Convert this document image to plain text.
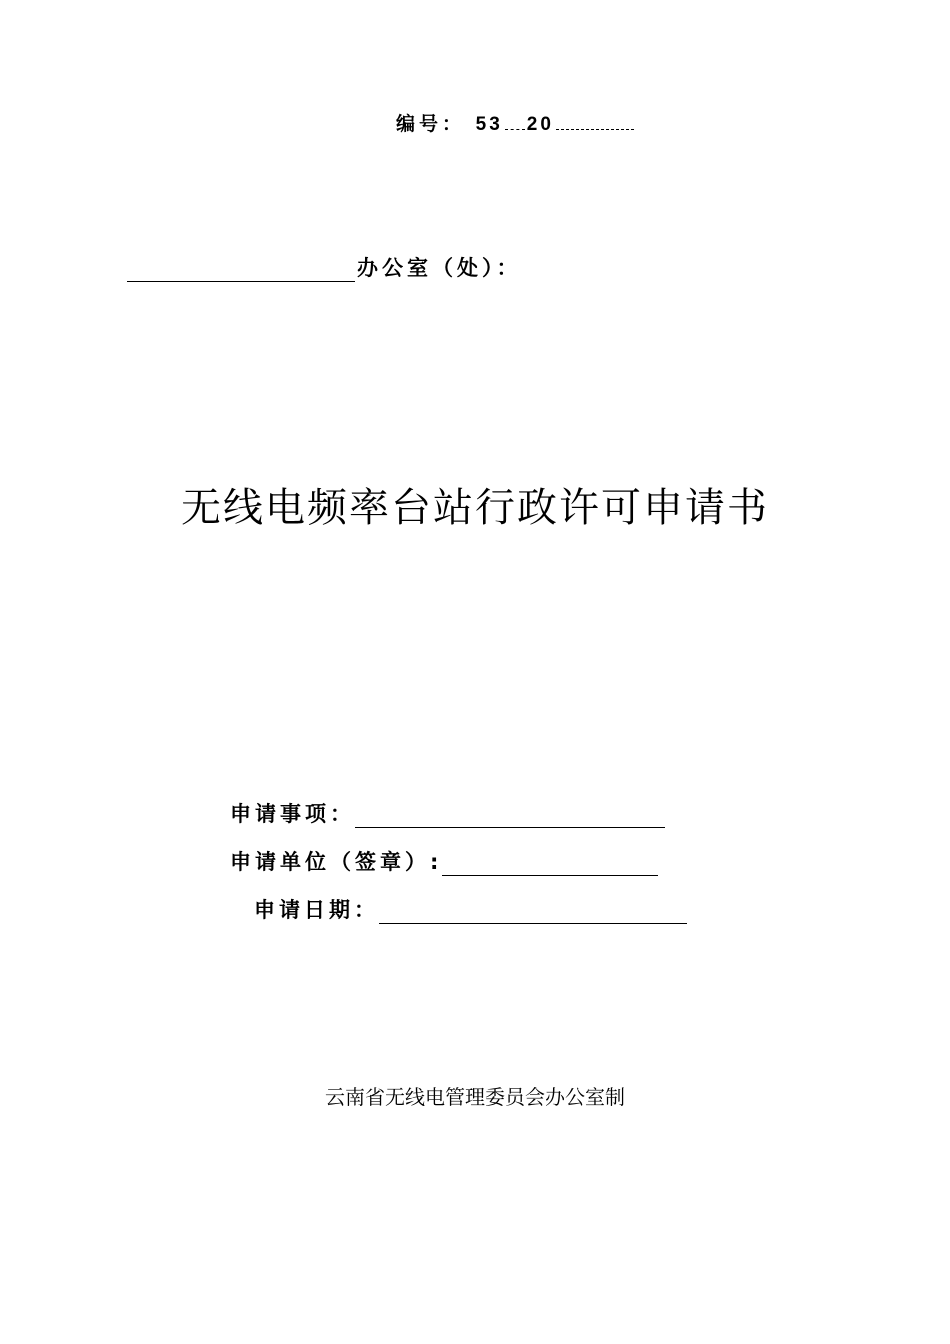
编号： 53 20
办公室（处）：
无线电频率台站行政许可申请书
申请事项：
申请单位（签章）:
申请日期：
云南省无线电管理委员会办公室制
